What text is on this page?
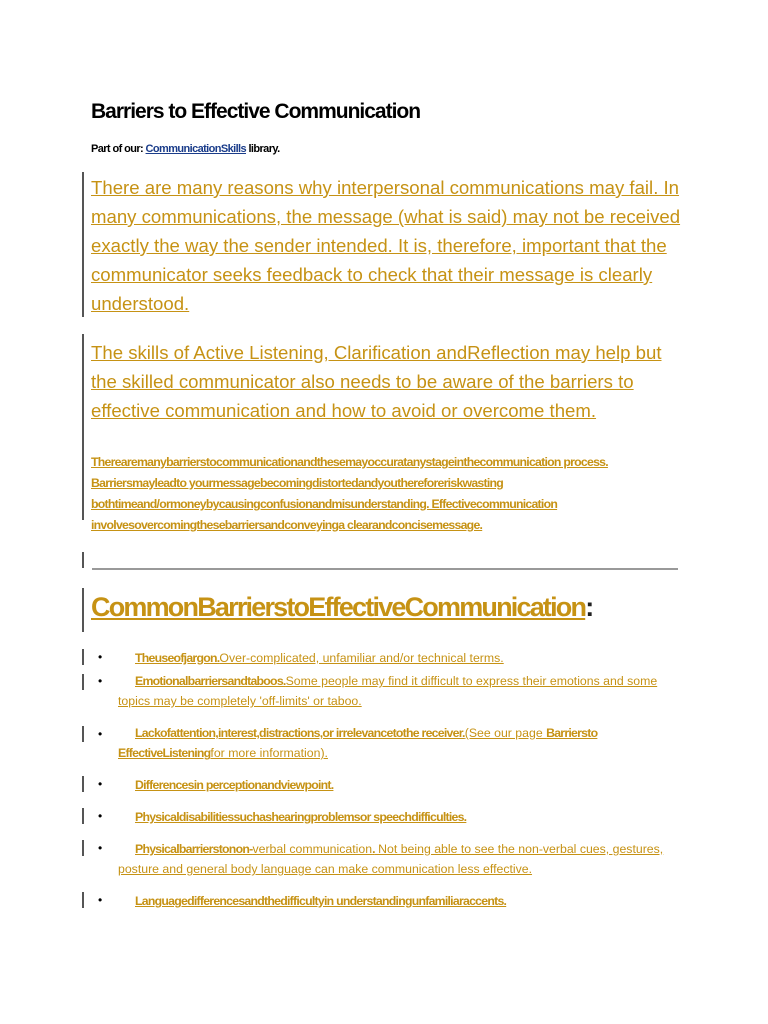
Barriers to Effective Communication
Part of our: CommunicationSkills library.

There are many reasons why interpersonal communications may fail. In many communications, the message (what is said) may not be received exactly the way the sender intended. It is, therefore, important that the communicator seeks feedback to check that their message is clearly understood.

The skills of Active Listening, Clarification andReflection may help but the skilled communicator also needs to be aware of the barriers to effective communication and how to avoid or overcome them.

Therearemanybarrierstocommunicationandthesemayoccuratanystageinthecommunication process. Barriersmayleadto yourmessagebecomingdistortedandyouthereforeriskwasting bothtimeand/ormoneybycausingconfusionandmisunderstanding. Effectivecommunication involvesovercomingthesebarriersandconveyinga clearandconcisemessage.

CommonBarrierstoEffectiveCommunication:
•	Theuseofjargon.Over-complicated, unfamiliar and/or technical terms.

•	Emotionalbarriersandtaboos.Some people may find it difficult to express their emotions and some topics may be completely 'off-limits' or taboo.

•	Lackofattention,interest,distractions,or irrelevancetothe receiver.(See our page Barriersto EffectiveListeningfor more information).

•	Differencesin perceptionandviewpoint.

•	Physicaldisabilitiessuchashearingproblemsor speechdifficulties.

•	Physicalbarrierstonon-verbal communication. Not being able to see the non-verbal cues, gestures, posture and general body language can make communication less effective.

•	Languagedifferencesandthedifficultyin understandingunfamiliaraccents.
